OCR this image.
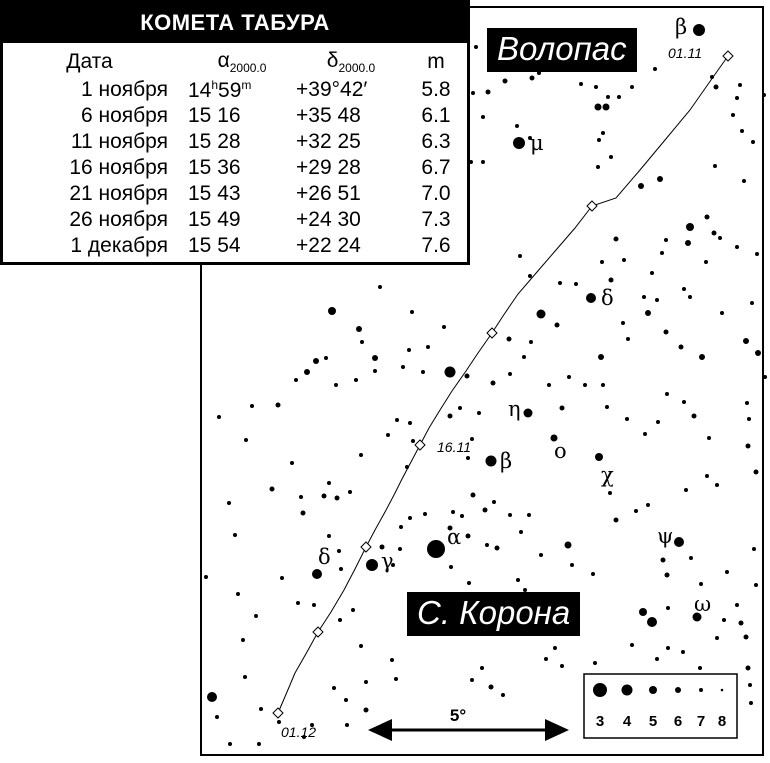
β
μ
δ
η
o
χ
β
α
γ
δ
ψ
ω
01.11
16.11
01.12
5°	3 4 5 6 7 8
Волопас
С. Корона
КОМЕТА ТАБУРА
Дата	$\alpha_{2000.0}$	$\delta_{2000.0}$	m
1 ноября	$14^h59^m$	+39°42′	5.8
6 ноября	15 16	+35 48	6.1
11 ноября	15 28	+32 25	6.3
16 ноября	15 36	+29 28	6.7
21 ноября	15 43	+26 51	7.0
26 ноября	15 49	+24 30	7.3
1 декабря	15 54	+22 24	7.6
